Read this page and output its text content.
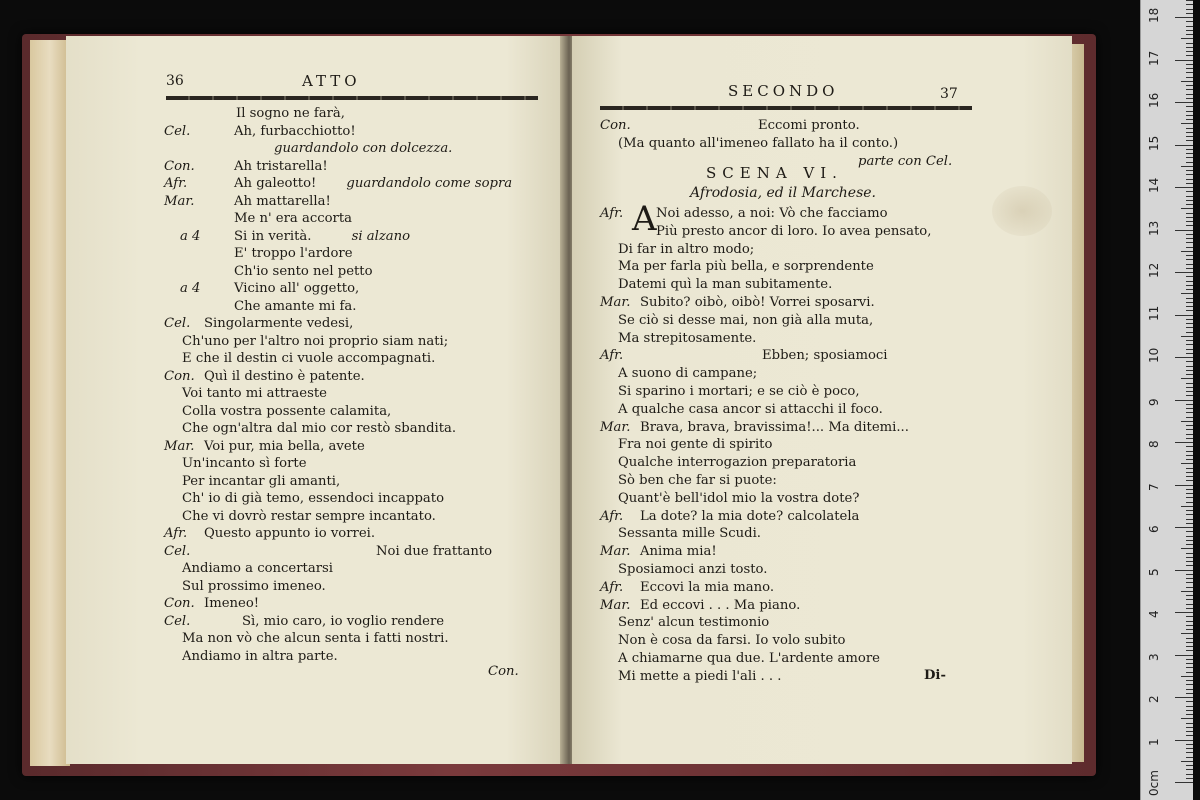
36	ATTO
Il sogno ne farà,
Cel.	Ah, furbacchiotto!
guardandolo con dolcezza.
Con.	Ah tristarella!
Afr.	Ah galeotto! guardandolo come sopra
Mar.	Ah mattarella!
Me n' era accorta
a 4	Si in verità.	si alzano
E' troppo l'ardore
Ch'io sento nel petto
a 4	Vicino all' oggetto,
Che amante mi fa.
Cel. Singolarmente vedesi,
Ch'uno per l'altro noi proprio siam nati;
E che il destin ci vuole accompagnati.
Con. Quì il destino è patente.
Voi tanto mi attraeste
Colla vostra possente calamita,
Che ogn'altra dal mio cor restò sbandita.
Mar. Voi pur, mia bella, avete
Un'incanto sì forte
Per incantar gli amanti,
Ch' io di già temo, essendoci incappato
Che vi dovrò restar sempre incantato.
Afr. Questo appunto io vorrei.
Cel.	Noi due frattanto
Andiamo a concertarsi
Sul prossimo imeneo.
Con. Imeneo!
Cel.	Sì, mio caro, io voglio rendere
Ma non vò che alcun senta i fatti nostri.
Andiamo in altra parte.
Con.
SECONDO	37
Con.	Eccomi pronto.
(Ma quanto all'imeneo fallato ha il conto.)
parte con Cel.
SCENA VI.
Afrodosia, ed il Marchese.
A
Afr. Noi adesso, a noi: Vò che facciamo
Più presto ancor di loro. Io avea pensato,
Di far in altro modo;
Ma per farla più bella, e sorprendente
Datemi quì la man subitamente.
Mar. Subito? oibò, oibò! Vorrei sposarvi.
Se ciò si desse mai, non già alla muta,
Ma strepitosamente.
Afr.	Ebben; sposiamoci
A suono di campane;
Si sparino i mortari; e se ciò è poco,
A qualche casa ancor si attacchi il foco.
Mar. Brava, brava, bravissima!... Ma ditemi...
Fra noi gente di spirito
Qualche interrogazion preparatoria
Sò ben che far si puote:
Quant'è bell'idol mio la vostra dote?
Afr. La dote? la mia dote? calcolatela
Sessanta mille Scudi.
Mar. Anima mia!
Sposiamoci anzi tosto.
Afr. Eccovi la mia mano.
Mar. Ed eccovi . . . Ma piano.
Senz' alcun testimonio
Non è cosa da farsi. Io volo subito
A chiamarne qua due. L'ardente amore
Mi mette a piedi l'ali . . .	Di-
0cm
1
2
3
4
5
6
7
8
9
10
11
12
13
14
15
16
17
18
